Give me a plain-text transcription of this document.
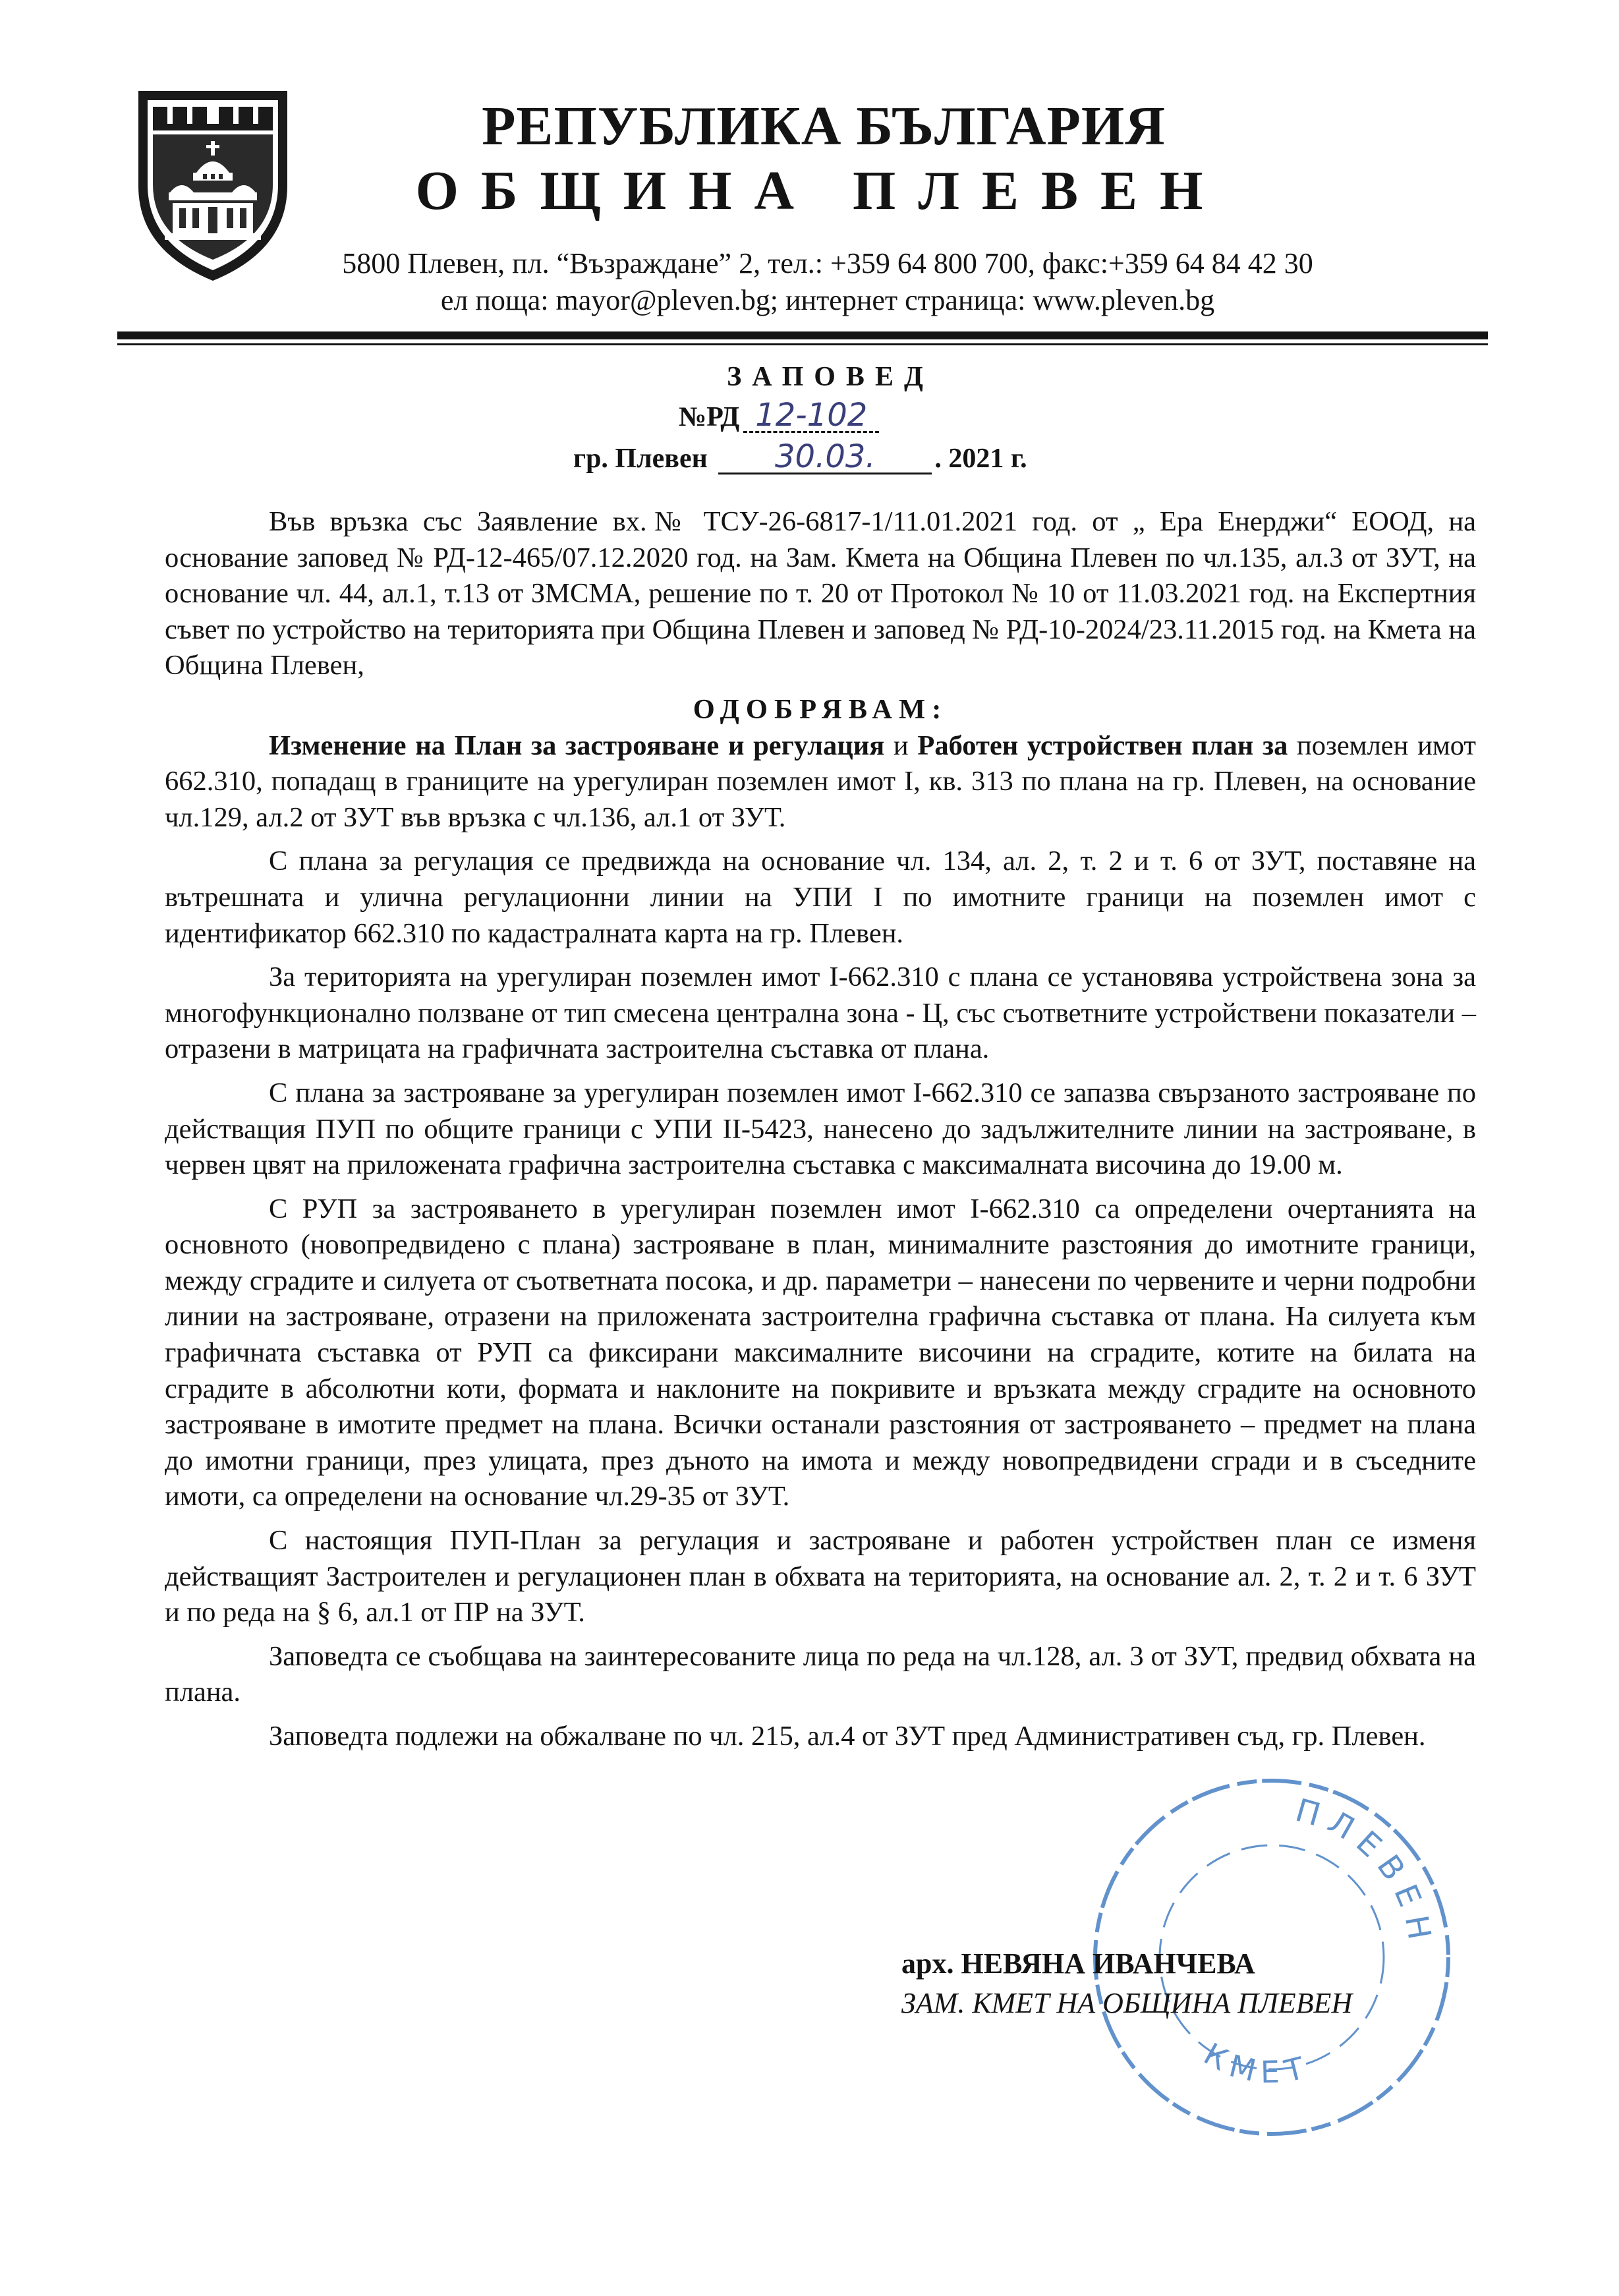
РЕПУБЛИКА БЪЛГАРИЯ
ОБЩИНА ПЛЕВЕН
5800 Плевен, пл. “Възраждане” 2, тел.: +359 64 800 700, факс:+359 64 84 42 30
ел поща: mayor@pleven.bg; интернет страница: www.pleven.bg
ЗАПОВЕД
№РД 12-102
гр. Плевен 30.03. . 2021 г.

Във връзка със Заявление вх.№ ТСУ-26-6817-1/11.01.2021 год. от „ Ера Енерджи“ ЕООД, на основание заповед № РД-12-465/07.12.2020 год. на Зам. Кмета на Община Плевен по чл.135, ал.3 от ЗУТ, на основание чл. 44, ал.1, т.13 от ЗМСМА, решение по т. 20 от Протокол № 10 от 11.03.2021 год. на Експертния съвет по устройство на територията при Община Плевен и заповед № РД-10-2024/23.11.2015 год. на Кмета на Община Плевен,

ОДОБРЯВАМ:

Изменение на План за застрояване и регулация и Работен устройствен план за поземлен имот 662.310, попадащ в границите на урегулиран поземлен имот I, кв. 313 по плана на гр. Плевен, на основание чл.129, ал.2 от ЗУТ във връзка с чл.136, ал.1 от ЗУТ.

С плана за регулация се предвижда на основание чл. 134, ал. 2, т. 2 и т. 6 от ЗУТ, поставяне на вътрешната и улична регулационни линии на УПИ I по имотните граници на поземлен имот с идентификатор 662.310 по кадастралната карта на гр. Плевен.

За територията на урегулиран поземлен имот I-662.310 с плана се установява устройствена зона за многофункционално ползване от тип смесена централна зона - Ц, със съответните устройствени показатели – отразени в матрицата на графичната застроителна съставка от плана.

С плана за застрояване за урегулиран поземлен имот I-662.310 се запазва свързаното застрояване по действащия ПУП по общите граници с УПИ II-5423, нанесено до задължителните линии на застрояване, в червен цвят на приложената графична застроителна съставка с максималната височина до 19.00 м.

С РУП за застрояването в урегулиран поземлен имот I-662.310 са определени очертанията на основното (новопредвидено с плана) застрояване в план, минималните разстояния до имотните граници, между сградите и силуета от съответната посока, и др. параметри – нанесени по червените и черни подробни линии на застрояване, отразени на приложената застроителна графична съставка от плана. На силуета към графичната съставка от РУП са фиксирани максималните височини на сградите, котите на билата на сградите в абсолютни коти, формата и наклоните на покривите и връзката между сградите на основното застрояване в имотите предмет на плана. Всички останали разстояния от застрояването – предмет на плана до имотни граници, през улицата, през дъното на имота и между новопредвидени сгради и в съседните имоти, са определени на основание чл.29-35 от ЗУТ.

С настоящия ПУП-План за регулация и застрояване и работен устройствен план се изменя действащият Застроителен и регулационен план в обхвата на територията, на основание ал. 2, т. 2 и т. 6 ЗУТ и по реда на § 6, ал.1 от ПР на ЗУТ.

Заповедта се съобщава на заинтересованите лица по реда на чл.128, ал. 3 от ЗУТ, предвид обхвата на плана.

Заповедта подлежи на обжалване по чл. 215, ал.4 от ЗУТ пред Административен съд, гр. Плевен.

ПЛЕВЕН
КМЕТ
арх. НЕВЯНА ИВАНЧЕВА
ЗАМ. КМЕТ НА ОБЩИНА ПЛЕВЕН
